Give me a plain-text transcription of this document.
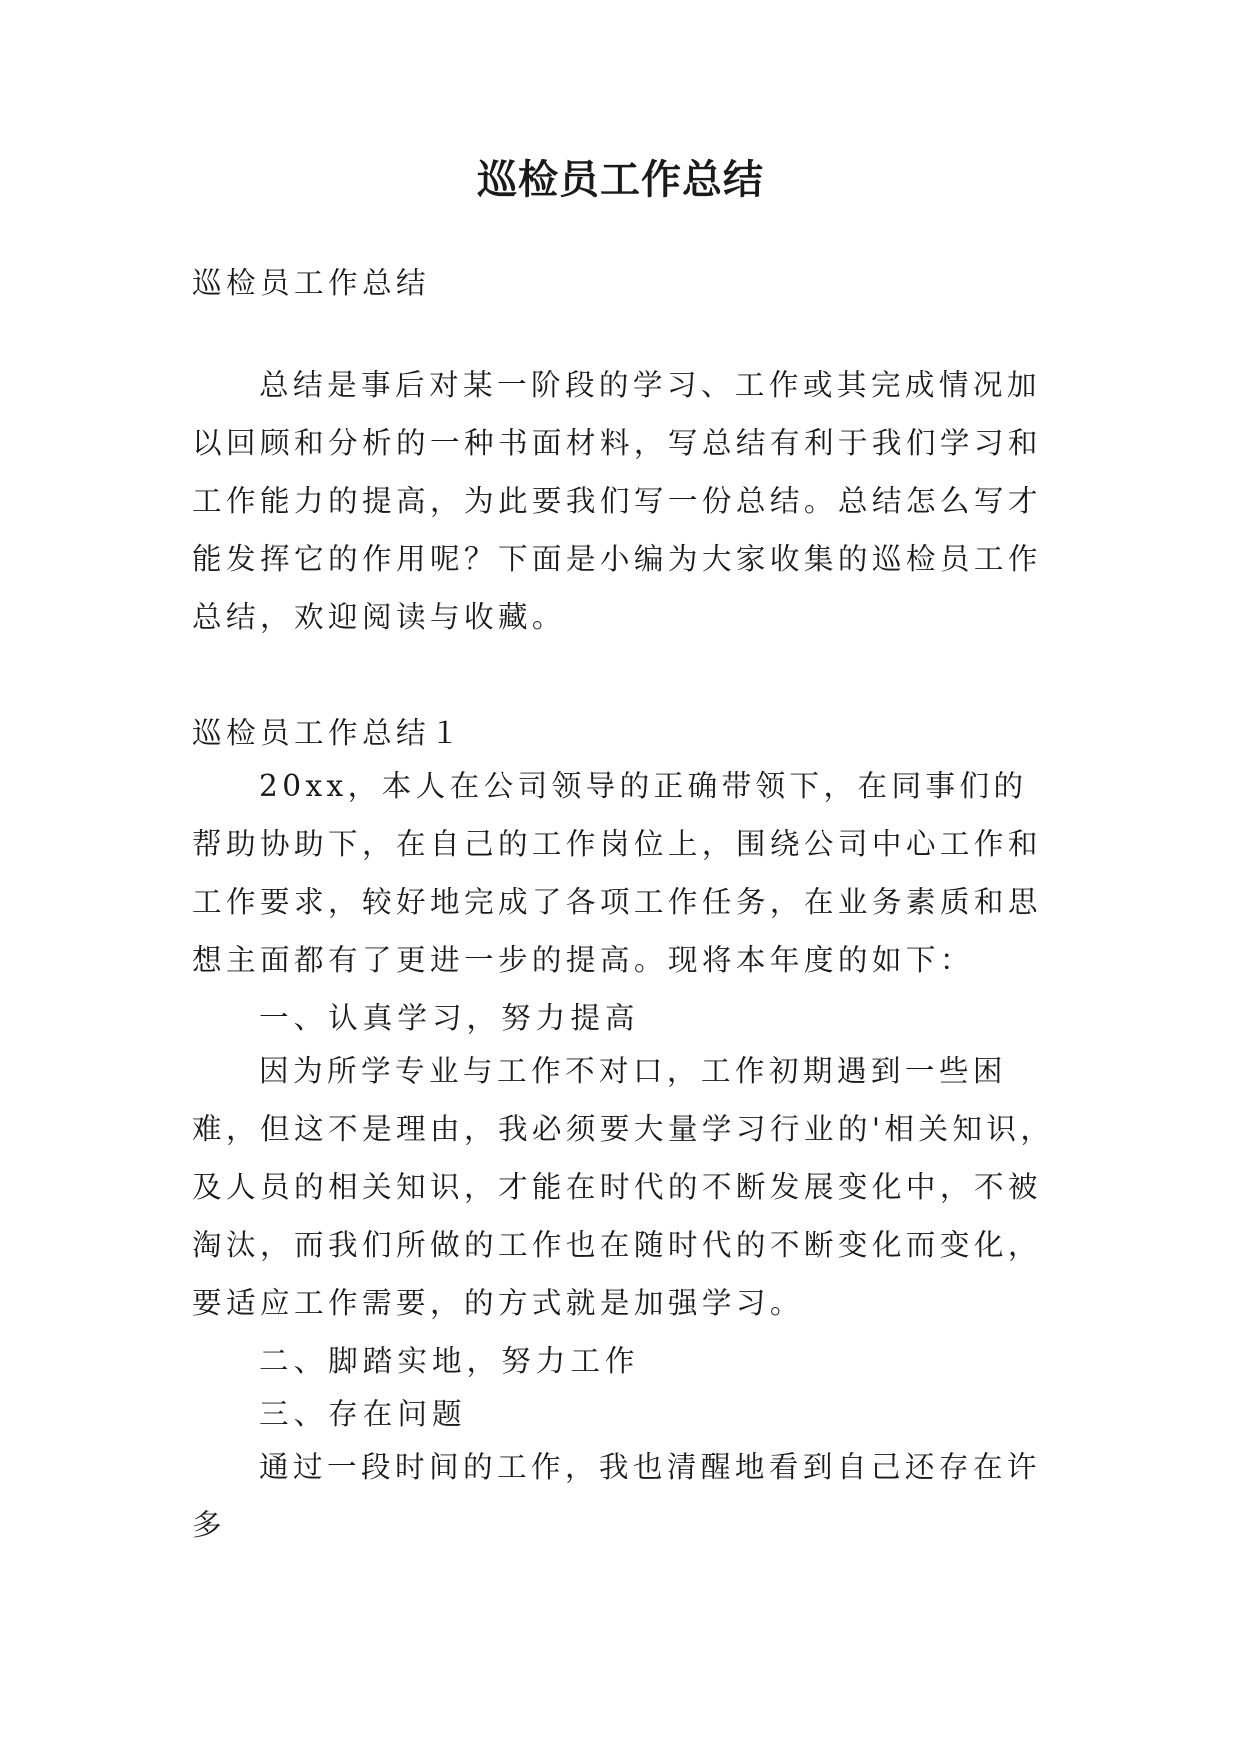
巡检员工作总结

巡检员工作总结

总结是事后对某一阶段的学习、工作或其完成情况加以回顾和分析的一种书面材料，写总结有利于我们学习和工作能力的提高，为此要我们写一份总结。总结怎么写才能发挥它的作用呢？下面是小编为大家收集的巡检员工作总结，欢迎阅读与收藏。

巡检员工作总结１

20xx，本人在公司领导的正确带领下，在同事们的帮助协助下，在自己的工作岗位上，围绕公司中心工作和工作要求，较好地完成了各项工作任务，在业务素质和思想主面都有了更进一步的提高。现将本年度的如下：

一、认真学习，努力提高

因为所学专业与工作不对口，工作初期遇到一些困难，但这不是理由，我必须要大量学习行业的'相关知识，及人员的相关知识，才能在时代的不断发展变化中，不被淘汰，而我们所做的工作也在随时代的不断变化而变化，要适应工作需要，的方式就是加强学习。

二、脚踏实地，努力工作

三、存在问题

通过一段时间的工作，我也清醒地看到自己还存在许多
